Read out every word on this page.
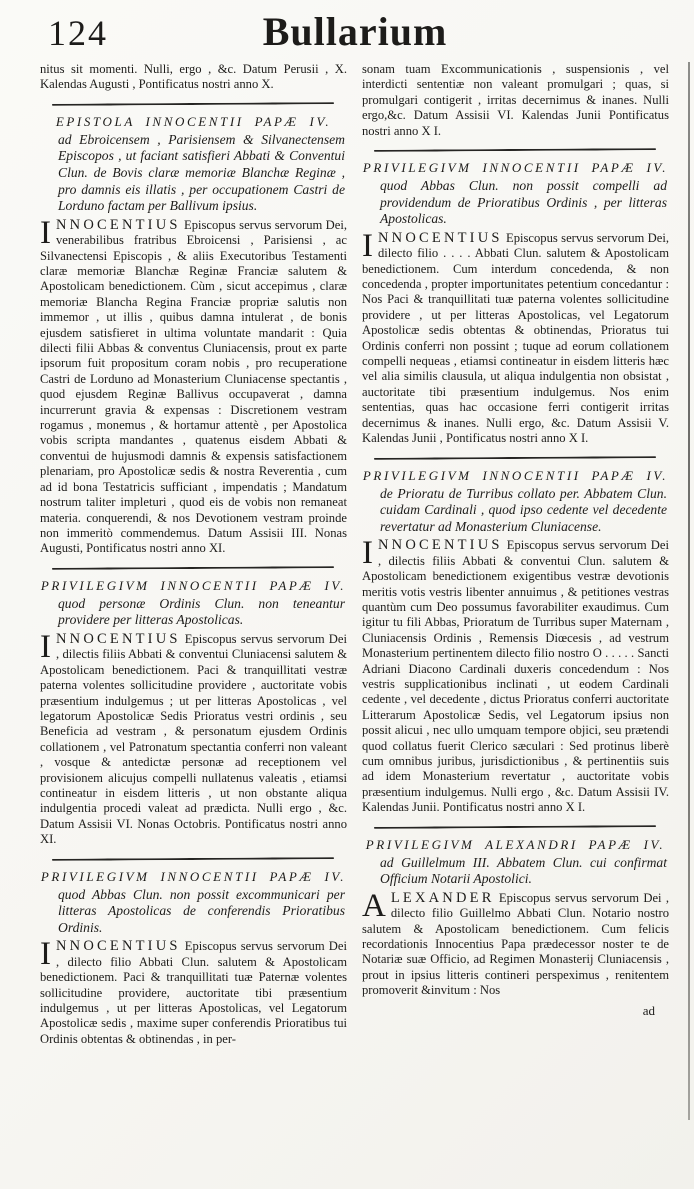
124	Bullarium

nitus sit momenti. Nulli, ergo , &c. Datum Perusii , X. Kalendas Augusti , Pontificatus nostri anno X.

EPISTOLA INNOCENTII PAPÆ IV.

ad Ebroicensem , Parisiensem & Silvanectensem Episcopos , ut faciant satisfieri Abbati & Conventui Clun. de Bovis claræ memoriæ Blanchæ Reginæ , pro damnis eis illatis , per occupationem Castri de Lorduno factam per Ballivum ipsius.

INNOCENTIUS Episcopus servus servorum Dei, venerabilibus fratribus Ebroicensi , Parisiensi , ac Silvanectensi Episcopis , & aliis Executoribus Testamenti claræ memoriæ Blanchæ Reginæ Franciæ salutem & Apostolicam benedictionem. Cùm , sicut accepimus , claræ memoriæ Blancha Regina Franciæ propriæ salutis non immemor , ut illis , quibus damna intulerat , de bonis ejusdem satisfieret in ultima voluntate mandarit : Quia dilecti filii Abbas & conventus Cluniacensis, prout ex parte ipsorum fuit propositum coram nobis , pro recuperatione Castri de Lorduno ad Monasterium Cluniacense spectantis , quod ejusdem Reginæ Ballivus occupaverat , damna incurrerunt gravia & expensas : Discretionem vestram rogamus , monemus , & hortamur attentè , per Apostolica vobis scripta mandantes , quatenus eisdem Abbati & conventui de hujusmodi damnis & expensis satisfactionem plenariam, pro Apostolicæ sedis & nostra Reverentia , cum ad id bona Testatricis sufficiant , impendatis ; Mandatum nostrum taliter impleturi , quod eis de vobis non remaneat materia. conquerendi, & nos Devotionem vestram proinde non immeritò commendemus. Datum Assisii III. Nonas Augusti, Pontificatus nostri anno XI.

PRIVILEGIVM INNOCENTII PAPÆ IV.

quod personæ Ordinis Clun. non teneantur providere per litteras Apostolicas.

INNOCENTIUS Episcopus servus servorum Dei , dilectis filiis Abbati & conventui Cluniacensi salutem & Apostolicam benedictionem. Paci & tranquillitati vestræ paterna volentes sollicitudine providere , auctoritate vobis præsentium indulgemus ; ut per litteras Apostolicas , vel legatorum Apostolicæ Sedis Prioratus vestri ordinis , seu Beneficia ad vestram , & personatum ejusdem Ordinis collationem , vel Patronatum spectantia conferri non valeant , vosque & antedictæ personæ ad receptionem vel provisionem alicujus compelli nullatenus valeatis , etiamsi contineatur in eisdem litteris , ut non obstante aliqua indulgentia procedi valeat ad prædicta. Nulli ergo , &c. Datum Assisii VI. Nonas Octobris. Pontificatus nostri anno XI.

PRIVILEGIVM INNOCENTII PAPÆ IV.

quod Abbas Clun. non possit excommunicari per litteras Apostolicas de conferendis Prioratibus Ordinis.

INNOCENTIUS Episcopus servus servorum Dei , dilecto filio Abbati Clun. salutem & Apostolicam benedictionem. Paci & tranquillitati tuæ Paternæ volentes sollicitudine providere, auctoritate tibi præsentium indulgemus , ut per litteras Apostolicas, vel Legatorum Apostolicæ sedis , maxime super conferendis Prioratibus tui Ordinis obtentas & obtinendas , in per-

sonam tuam Excommunicationis , suspensionis , vel interdicti sententiæ non valeant promulgari ; quas, si promulgari contigerit , irritas decernimus & inanes. Nulli ergo,&c. Datum Assisii VI. Kalendas Junii Pontificatus nostri anno X I.

PRIVILEGIVM INNOCENTII PAPÆ IV.

quod Abbas Clun. non possit compelli ad providendum de Prioratibus Ordinis , per litteras Apostolicas.

INNOCENTIUS Episcopus servus servorum Dei, dilecto filio . . . . Abbati Clun. salutem & Apostolicam benedictionem. Cum interdum concedenda, & non concedenda , propter importunitates petentium concedantur : Nos Paci & tranquillitati tuæ paterna volentes sollicitudine providere , ut per litteras Apostolicas, vel Legatorum Apostolicæ sedis obtentas & obtinendas, Prioratus tui Ordinis conferri non possint ; tuque ad eorum collationem compelli nequeas , etiamsi contineatur in eisdem litteris hæc vel alia similis clausula, ut aliqua indulgentia non obsistat , auctoritate tibi præsentium indulgemus. Nos enim sententias, quas hac occasione ferri contigerit irritas decernimus & inanes. Nulli ergo, &c. Datum Assisii V. Kalendas Junii , Pontificatus nostri anno X I.

PRIVILEGIVM INNOCENTII PAPÆ IV.

de Prioratu de Turribus collato per. Abbatem Clun. cuidam Cardinali , quod ipso cedente vel decedente revertatur ad Monasterium Cluniacense.

INNOCENTIUS Episcopus servus servorum Dei , dilectis filiis Abbati & conventui Clun. salutem & Apostolicam benedictionem exigentibus vestræ devotionis meritis votis vestris libenter annuimus , & petitiones vestras quantùm cum Deo possumus favorabiliter exaudimus. Cum igitur tu fili Abbas, Prioratum de Turribus super Maternam , Cluniacensis Ordinis , Remensis Diœcesis , ad vestrum Monasterium pertinentem dilecto filio nostro O . . . . . Sancti Adriani Diacono Cardinali duxeris concedendum : Nos vestris supplicationibus inclinati , ut eodem Cardinali cedente , vel decedente , dictus Prioratus conferri auctoritate Litterarum Apostolicæ Sedis, vel Legatorum ipsius non possit alicui , nec ullo umquam tempore objici, seu prætendi quod collatus fuerit Clerico sæculari : Sed protinus liberè cum omnibus juribus, jurisdictionibus , & pertinentiis suis ad idem Monasterium revertatur , auctoritate vobis præsentium indulgemus. Nulli ergo , &c. Datum Assisii IV. Kalendas Junii. Pontificatus nostri anno X I.

PRIVILEGIVM ALEXANDRI PAPÆ IV.

ad Guillelmum III. Abbatem Clun. cui confirmat Officium Notarii Apostolici.

ALEXANDER Episcopus servus servorum Dei , dilecto filio Guillelmo Abbati Clun. Notario nostro salutem & Apostolicam benedictionem. Cum felicis recordationis Innocentius Papa prædecessor noster te de Notariæ suæ Officio, ad Regimen Monasterij Cluniacensis , prout in ipsius litteris contineri perspeximus , renitentem promoverit &invitum : Nos

ad
